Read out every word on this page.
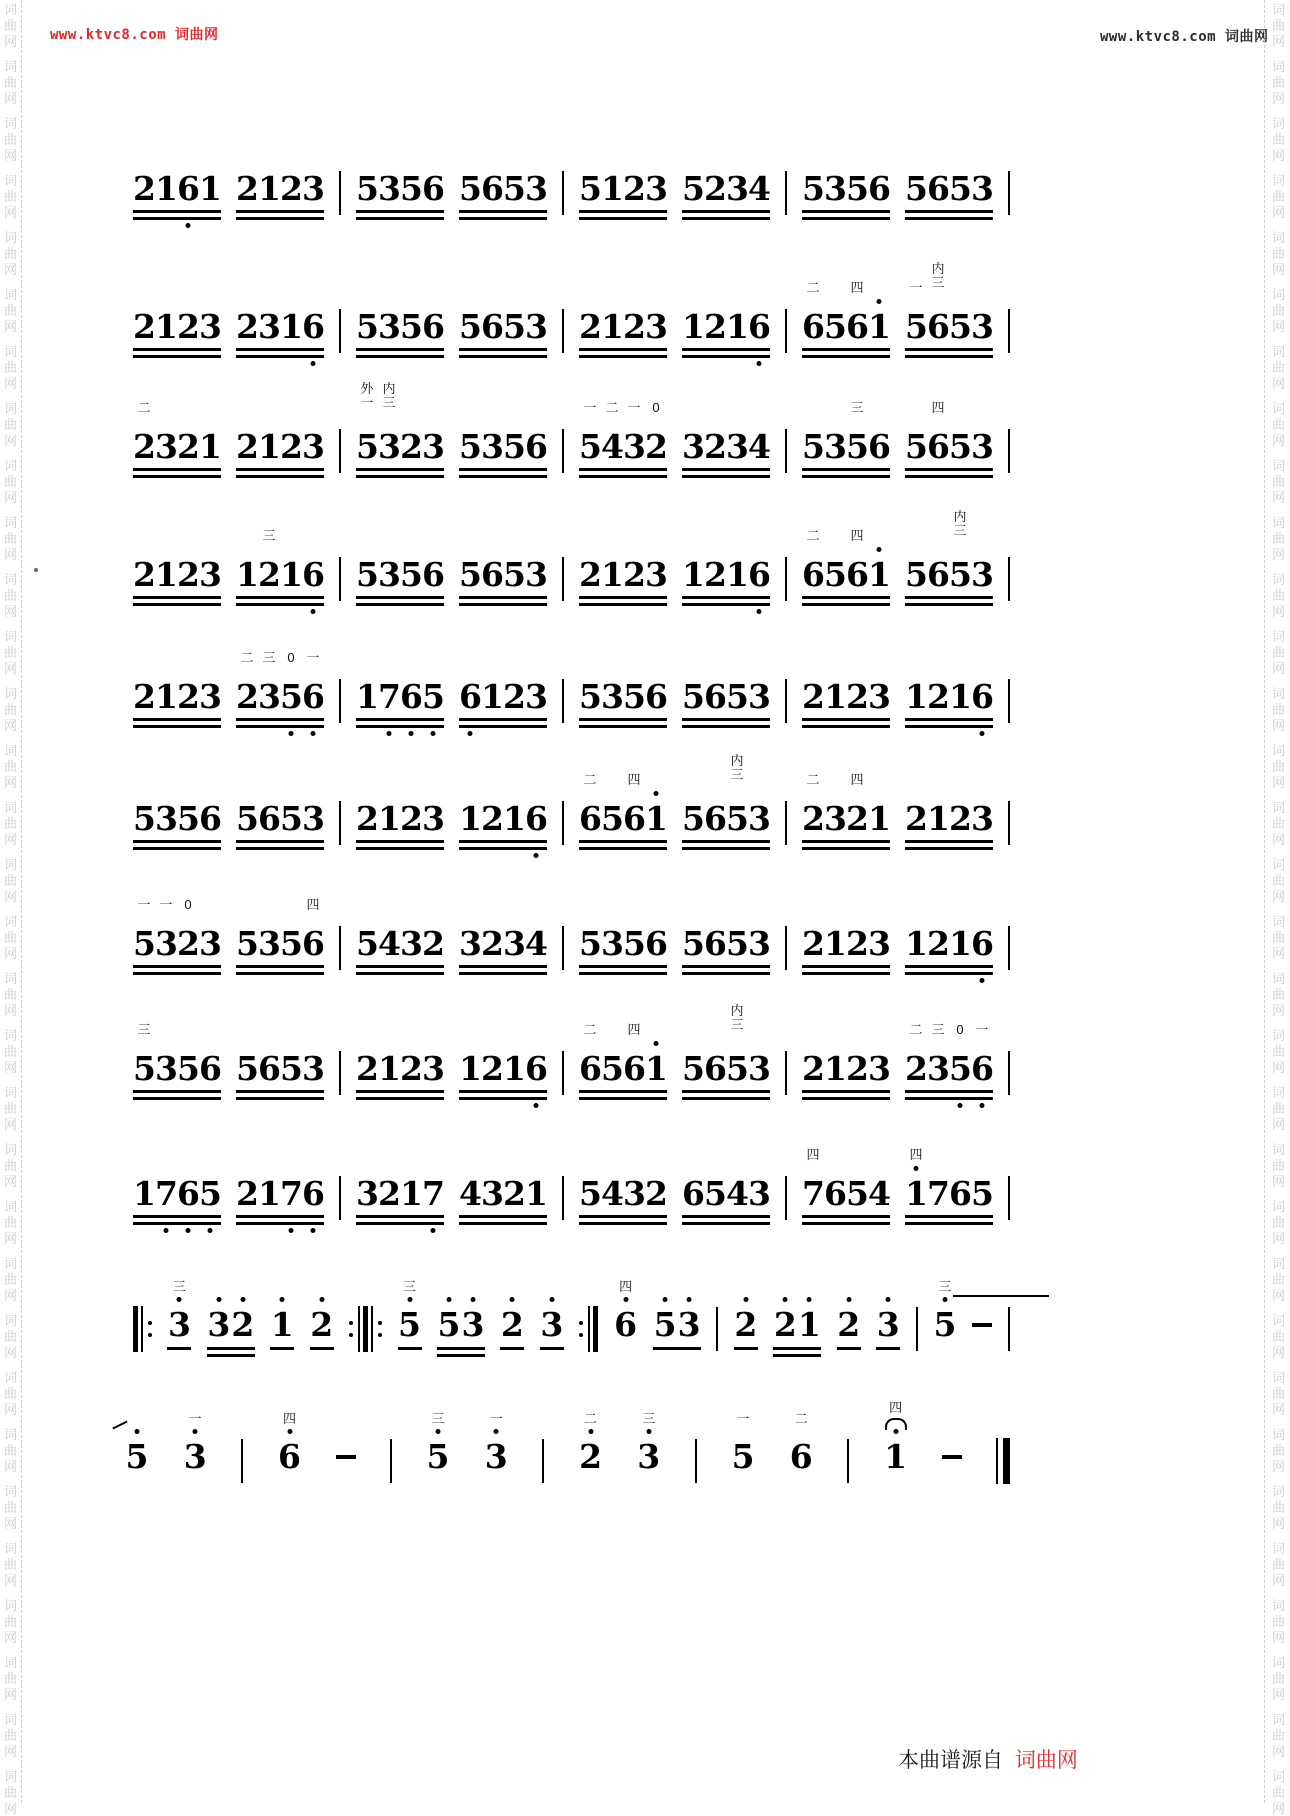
www.ktvc8.com 词曲网	www.ktvc8.com 词曲网
词
曲
网
词
曲
网
词
曲
网
词
曲
网
词
曲
网
词
曲
网
词
曲
网
词
曲
网
词
曲
网
词
曲
网
词
曲
网
词
曲
网
词
曲
网
词
曲
网
词
曲
网
词
曲
网
词
曲
网
词
曲
网
词
曲
网
词
曲
网
词
曲
网
词
曲
网
词
曲
网
词
曲
网
词
曲
网
词
曲
网
词
曲
网
词
曲
网
词
曲
网
词
曲
网
词
曲
网
词
曲
网
词
曲
网
词
曲
网
词
曲
网
词
曲
网
词
曲
网
词
曲
网
词
曲
网
词
曲
网
词
曲
网
词
曲
网
词
曲
网
词
曲
网
词
曲
网
词
曲
网
词
曲
网
词
曲
网
词
曲
网
词
曲
网
词
曲
网
词
曲
网
词
曲
网
词
曲
网
词
曲
网
词
曲
网
词
曲
网
词
曲
网
词
曲
网
词
曲
网
词
曲
网
词
曲
网
词
曲
网
词
曲
网
2 1 6 1 2 1 2 3 5 3 5 6 5 6 5 3 5 1 2 3 5 2 3 4 5 3 5 6 5 6 5 3
2 1 2 3 2 3 1 6 5 3 5 6 5 6 5 3 2 1 2 3 1 2 1 6 6
二
5 6
四
1 5
一
6
内
三
5 3
2
二
3 2 1 2 1 2 3 5
外
一
3
内
三
2 3 5 3 5 6 5
一
4
二
3
一
2
0
3 2 3 4 5 3 5
三
6 5 6
四
5 3
2 1 2 3 1 2
三
1 6 5 3 5 6 5 6 5 3 2 1 2 3 1 2 1 6 6
二
5 6
四
1 5 6 5
内
三
3
2 1 2 3 2
二
3
三
5
0
6
一
1 7 6 5 6 1 2 3 5 3 5 6 5 6 5 3 2 1 2 3 1 2 1 6
5 3 5 6 5 6 5 3 2 1 2 3 1 2 1 6 6
二
5 6
四
1 5 6 5
内
三
3 2
二
3 2
四
1 2 1 2 3
5
一
3
一
2
0
3 5 3 5 6
四
5 4 3 2 3 2 3 4 5 3 5 6 5 6 5 3 2 1 2 3 1 2 1 6
5
三
3 5 6 5 6 5 3 2 1 2 3 1 2 1 6 6
二
5 6
四
1 5 6 5
内
三
3 2 1 2 3 2
二
3
三
5
0
6
一
1 7 6 5 2 1 7 6 3 2 1 7 4 3 2 1 5 4 3 2 6 5 4 3 7
四
6 5 4 1
四
7 6 5
3
三
3 2 1 2 5
三
5 3 2 3 6
四
5 3 2 2 1 2 3 5
三
5 3
一
6
四
5
三
3
一
2
二
3
三
5
一
6
二
1
四
本曲谱源自 词曲网
